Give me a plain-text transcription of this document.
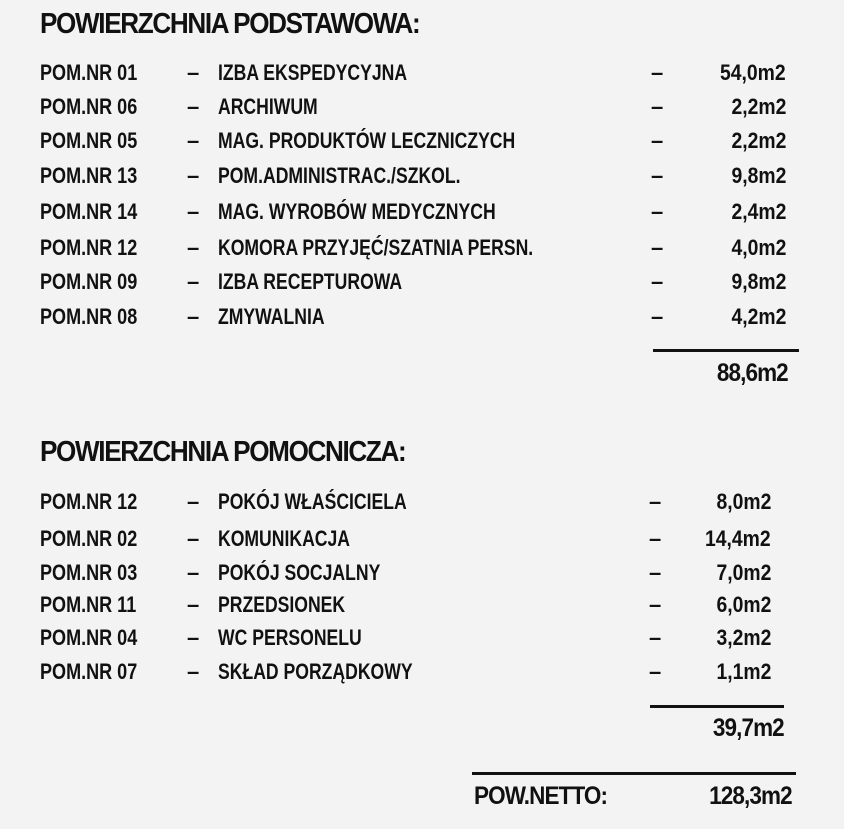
POWIERZCHNIA PODSTAWOWA:
POM.NR 01 – IZBA EKSPEDYCYJNA	–	54,0m2
POM.NR 06 – ARCHIWUM	–	2,2m2
POM.NR 05 – MAG. PRODUKTÓW LECZNICZYCH	–	2,2m2
POM.NR 13 – POM.ADMINISTRAC./SZKOL.	–	9,8m2
POM.NR 14 – MAG. WYROBÓW MEDYCZNYCH	–	2,4m2
POM.NR 12 – KOMORA PRZYJĘĆ/SZATNIA PERSN.	–	4,0m2
POM.NR 09 – IZBA RECEPTUROWA	–	9,8m2
POM.NR 08 – ZMYWALNIA	–	4,2m2
88,6m2
POWIERZCHNIA POMOCNICZA:
POM.NR 12 – POKÓJ WŁAŚCICIELA	– 8,0m2
POM.NR 02 – KOMUNIKACJA	– 14,4m2
POM.NR 03 – POKÓJ SOCJALNY	– 7,0m2
POM.NR 11 – PRZEDSIONEK	– 6,0m2
POM.NR 04 – WC PERSONELU	– 3,2m2
POM.NR 07 – SKŁAD PORZĄDKOWY	– 1,1m2
39,7m2
POW.NETTO:	128,3m2
